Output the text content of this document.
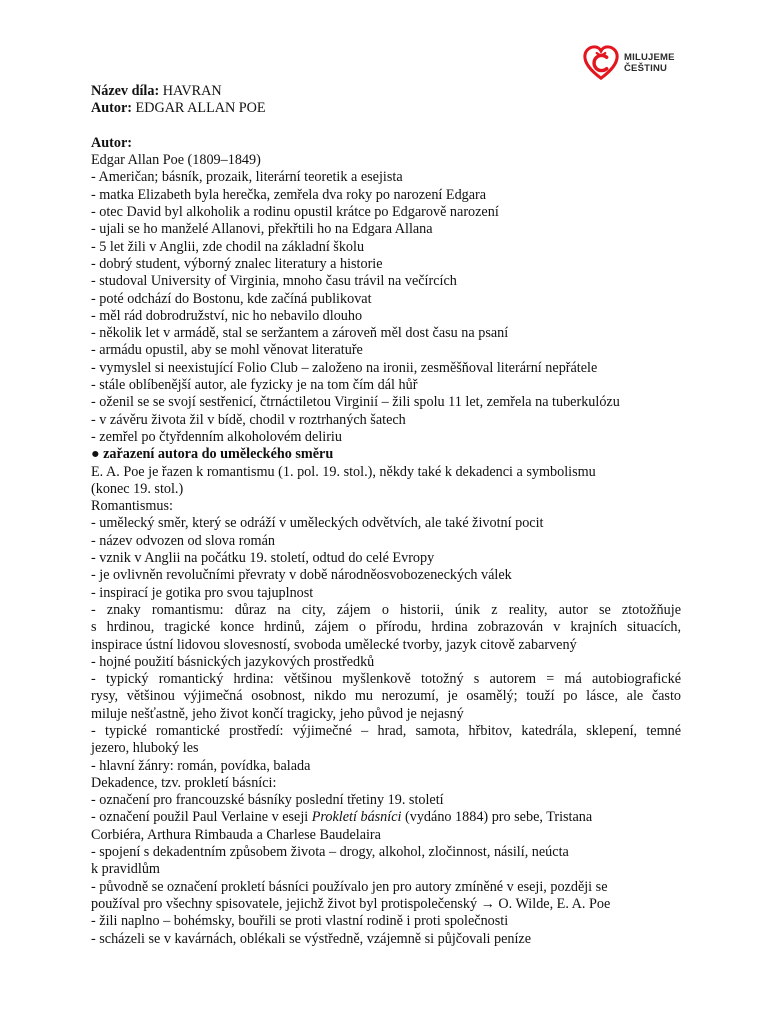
MILUJEME
ČEŠTINU
Název díla: HAVRAN
Autor: EDGAR ALLAN POE
Autor:
Edgar Allan Poe (1809–1849)
- Američan; básník, prozaik, literární teoretik a esejista
- matka Elizabeth byla herečka, zemřela dva roky po narození Edgara
- otec David byl alkoholik a rodinu opustil krátce po Edgarově narození
- ujali se ho manželé Allanovi, překřtili ho na Edgara Allana
- 5 let žili v Anglii, zde chodil na základní školu
- dobrý student, výborný znalec literatury a historie
- studoval University of Virginia, mnoho času trávil na večírcích
- poté odchází do Bostonu, kde začíná publikovat
- měl rád dobrodružství, nic ho nebavilo dlouho
- několik let v armádě, stal se seržantem a zároveň měl dost času na psaní
- armádu opustil, aby se mohl věnovat literatuře
- vymyslel si neexistující Folio Club – založeno na ironii, zesměšňoval literární nepřátele
- stále oblíbenější autor, ale fyzicky je na tom čím dál hůř
- oženil se se svojí sestřenicí, čtrnáctiletou Virginií – žili spolu 11 let, zemřela na tuberkulózu
- v závěru života žil v bídě, chodil v roztrhaných šatech
- zemřel po čtyřdenním alkoholovém deliriu
● zařazení autora do uměleckého směru
E. A. Poe je řazen k romantismu (1. pol. 19. stol.), někdy také k dekadenci a symbolismu
(konec 19. stol.)
Romantismus:
- umělecký směr, který se odráží v uměleckých odvětvích, ale také životní pocit
- název odvozen od slova román
- vznik v Anglii na počátku 19. století, odtud do celé Evropy
- je ovlivněn revolučními převraty v době národněosvobozeneckých válek
- inspirací je gotika pro svou tajuplnost
- znaky romantismu: důraz na city, zájem o historii, únik z reality, autor se ztotožňuje
s hrdinou, tragické konce hrdinů, zájem o přírodu, hrdina zobrazován v krajních situacích,
inspirace ústní lidovou slovesností, svoboda umělecké tvorby, jazyk citově zabarvený
- hojné použití básnických jazykových prostředků
- typický romantický hrdina: většinou myšlenkově totožný s autorem = má autobiografické
rysy, většinou výjimečná osobnost, nikdo mu nerozumí, je osamělý; touží po lásce, ale často
miluje nešťastně, jeho život končí tragicky, jeho původ je nejasný
- typické romantické prostředí: výjimečné – hrad, samota, hřbitov, katedrála, sklepení, temné
jezero, hluboký les
- hlavní žánry: román, povídka, balada
Dekadence, tzv. prokletí básníci:
- označení pro francouzské básníky poslední třetiny 19. století
- označení použil Paul Verlaine v eseji Prokletí básníci (vydáno 1884) pro sebe, Tristana
Corbiéra, Arthura Rimbauda a Charlese Baudelaira
- spojení s dekadentním způsobem života – drogy, alkohol, zločinnost, násilí, neúcta
k pravidlům
- původně se označení prokletí básníci používalo jen pro autory zmíněné v eseji, později se
používal pro všechny spisovatele, jejichž život byl protispolečenský → O. Wilde, E. A. Poe
- žili naplno – bohémsky, bouřili se proti vlastní rodině i proti společnosti
- scházeli se v kavárnách, oblékali se výstředně, vzájemně si půjčovali peníze
